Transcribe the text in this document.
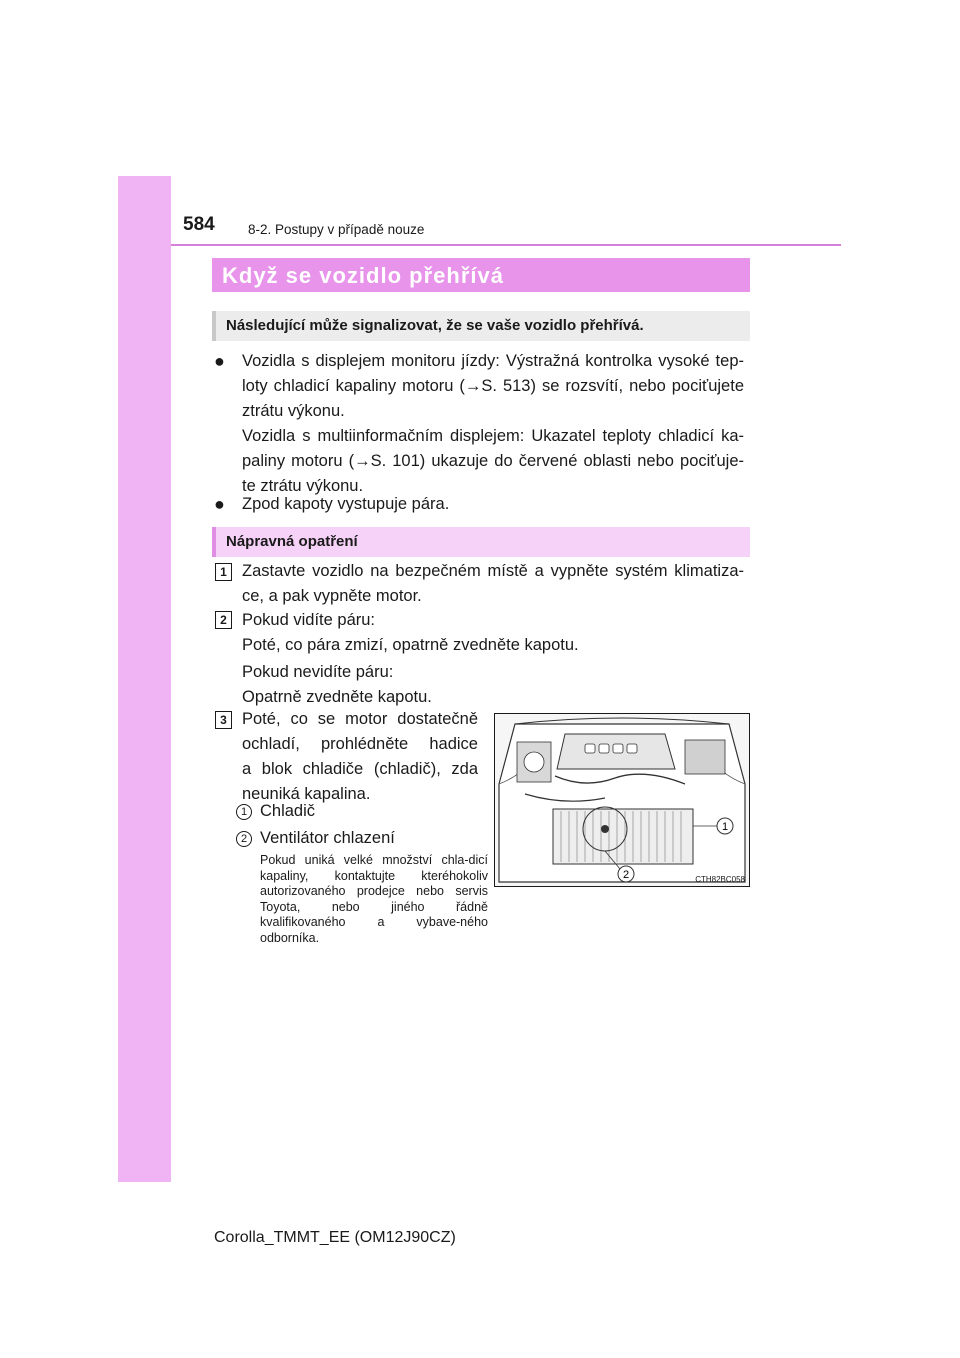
584 8-2. Postupy v případě nouze
Když se vozidlo přehřívá
Následující může signalizovat, že se vaše vozidlo přehřívá.
● Vozidla s displejem monitoru jízdy: Výstražná kontrolka vysoké tep-loty chladicí kapaliny motoru (→S. 513) se rozsvítí, nebo pociťujete ztrátu výkonu.
Vozidla s multiinformačním displejem: Ukazatel teploty chladicí ka-paliny motoru (→S. 101) ukazuje do červené oblasti nebo pociťuje-te ztrátu výkonu.
● Zpod kapoty vystupuje pára.
Nápravná opatření
1 Zastavte vozidlo na bezpečném místě a vypněte systém klimatiza-
ce, a pak vypněte motor.
2 Pokud vidíte páru:
Poté, co pára zmizí, opatrně zvedněte kapotu.
Pokud nevidíte páru:
Opatrně zvedněte kapotu.
3 Poté, co se motor dostatečně
ochladí, prohlédněte hadice
a blok chladiče (chladič), zda
neuniká kapalina.
1 Chladič
2 Ventilátor chlazení
Pokud uniká velké množství chla-dicí kapaliny, kontaktujte kteréhokoliv autorizovaného prodejce nebo servis Toyota, nebo jiného řádně kvalifikovaného a vybave-ného odborníka.
1
2	CTH82BC058
Corolla_TMMT_EE (OM12J90CZ)
